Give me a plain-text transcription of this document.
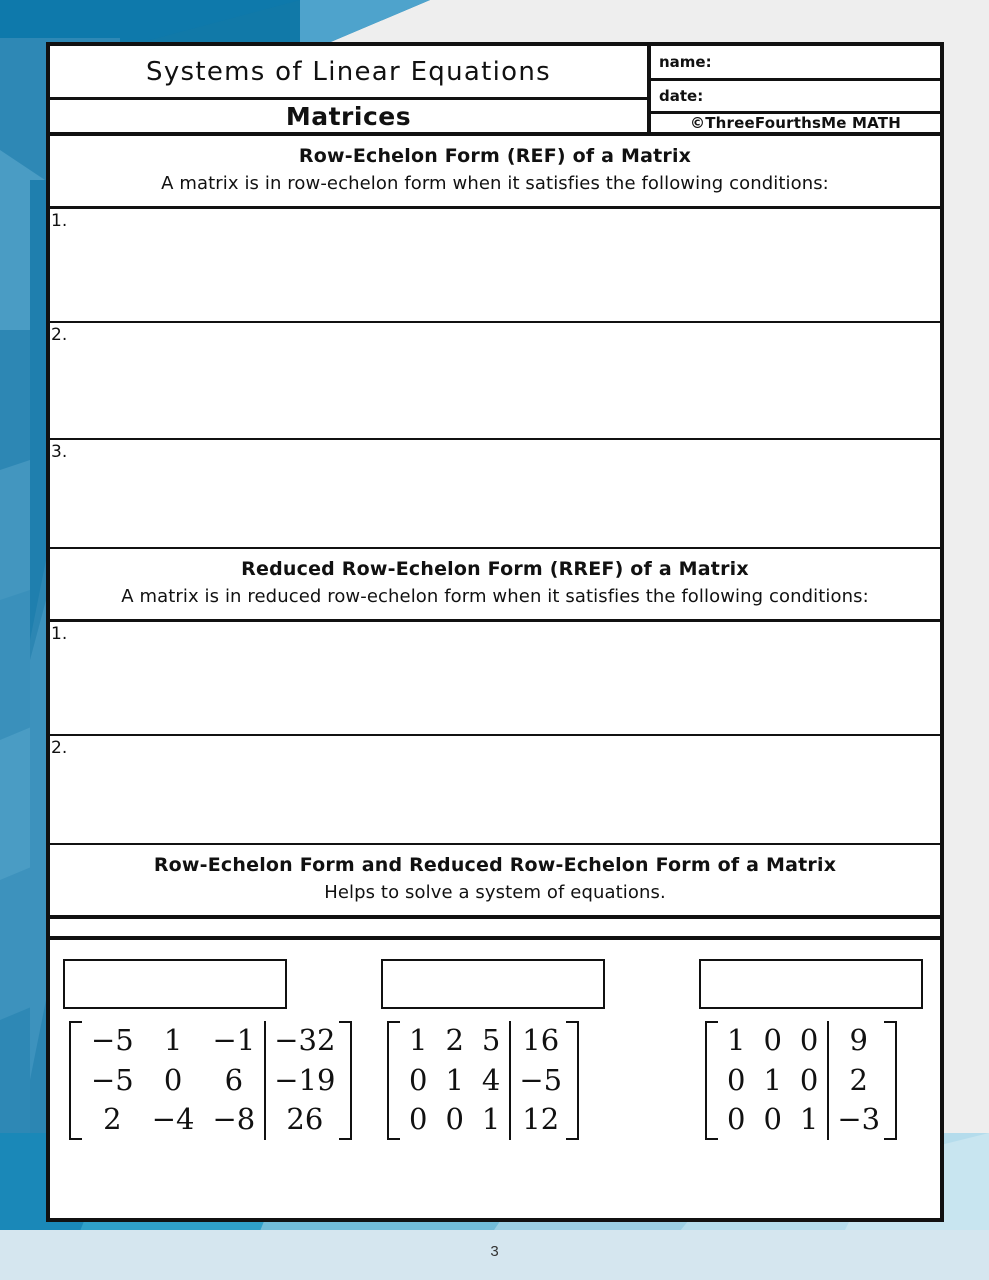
Systems of Linear Equations
Matrices
name:
date:
©ThreeFourthsMe MATH
Row-Echelon Form (REF) of a Matrix
A matrix is in row-echelon form when it satisfies the following conditions:
1.
2.
3.
Reduced Row-Echelon Form (RREF) of a Matrix
A matrix is in reduced row-echelon form when it satisfies the following conditions:
1.
2.
Row-Echelon Form and Reduced Row-Echelon Form of a Matrix
Helps to solve a system of equations.
−5	1	−1	−32
−5	0	6	−19
2	−4	−8	26
1	2	5	16
0	1	4	−5
0	0	1	12
1	0	0	9
0	1	0	2
0	0	1	−3
3
